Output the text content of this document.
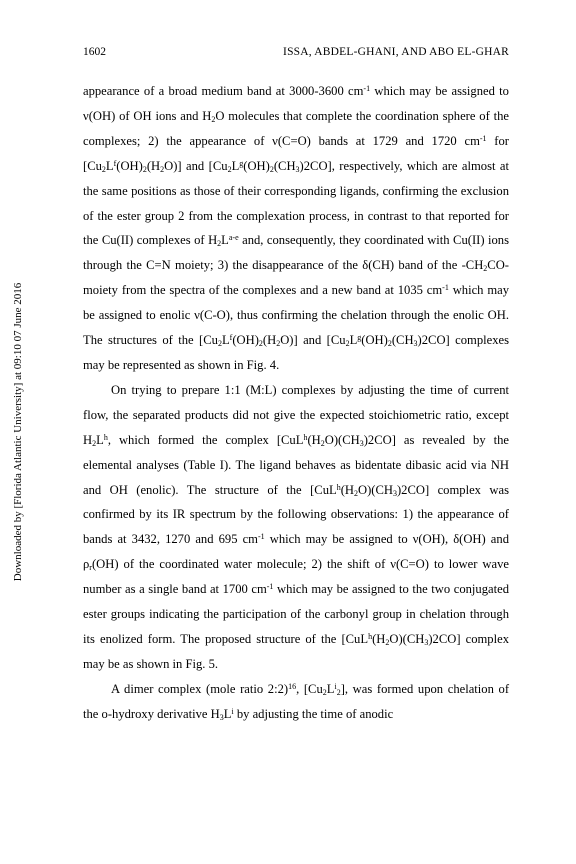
1602	ISSA, ABDEL-GHANI, AND ABO EL-GHAR
Downloaded by [Florida Atlantic University] at 09:10 07 June 2016

appearance of a broad medium band at 3000-3600 $cm^{-1}$ which may be assigned to ν(OH) of OH ions and $H_2O$ molecules that complete the coordination sphere of the complexes; 2) the appearance of ν(C=O) bands at 1729 and 1720 $cm^{-1}$ for $[Cu_2L^f(OH)_2(H_2O)]$ and $[Cu_2L^g(OH)_2(CH_3)2CO]$, respectively, which are almost at the same positions as those of their corresponding ligands, confirming the exclusion of the ester group 2 from the complexation process, in contrast to that reported for the Cu(II) complexes of $H_2L^{a-e}$ and, consequently, they coordinated with Cu(II) ions through the C=N moiety; 3) the disappearance of the δ(CH) band of the $-CH_2CO-$ moiety from the spectra of the complexes and a new band at 1035 $cm^{-1}$ which may be assigned to enolic ν(C-O), thus confirming the chelation through the enolic OH. The structures of the $[Cu_2L^f(OH)_2(H_2O)]$ and $[Cu_2L^g(OH)_2(CH_3)2CO]$ complexes may be represented as shown in Fig. 4.

On trying to prepare 1:1 (M:L) complexes by adjusting the time of current flow, the separated products did not give the expected stoichiometric ratio, except $H_2L^h$, which formed the complex $[CuL^h(H_2O)(CH_3)2CO]$ as revealed by the elemental analyses (Table I). The ligand behaves as bidentate dibasic acid via NH and OH (enolic). The structure of the $[CuL^h(H_2O)(CH_3)2CO]$ complex was confirmed by its IR spectrum by the following observations: 1) the appearance of bands at 3432, 1270 and 695 $cm^{-1}$ which may be assigned to ν(OH), δ(OH) and $\rho_r(OH)$ of the coordinated water molecule; 2) the shift of ν(C=O) to lower wave number as a single band at 1700 $cm^{-1}$ which may be assigned to the two conjugated ester groups indicating the participation of the carbonyl group in chelation through its enolized form. The proposed structure of the $[CuL^h(H_2O)(CH_3)2CO]$ complex may be as shown in Fig. 5.

A dimer complex (mole ratio 2:2)$^{16}$, $[Cu_2L^i_2]$, was formed upon chelation of the o-hydroxy derivative $H_3L^i$ by adjusting the time of anodic
